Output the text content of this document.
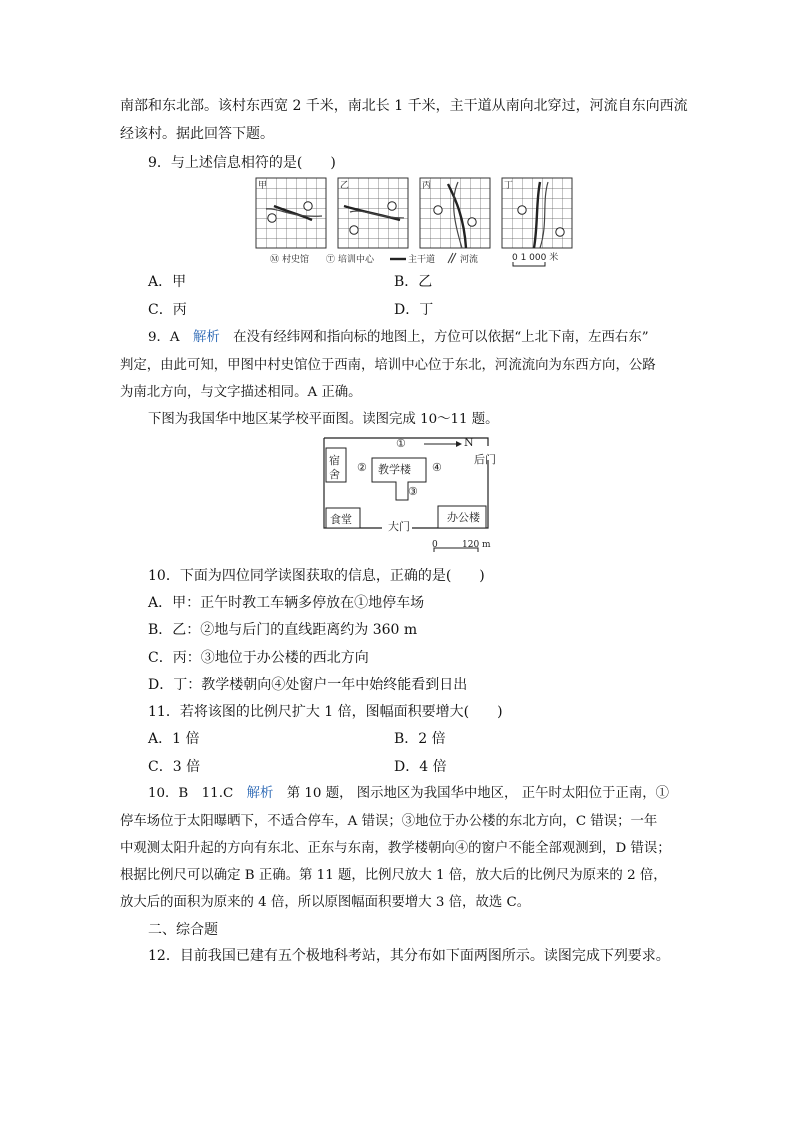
南部和东北部。该村东西宽 2 千米，南北长 1 千米，主干道从南向北穿过，河流自东向西流
经该村。据此回答下题。
9．与上述信息相符的是(　　)
甲	乙	丙	丁
Ⓜ 村史馆 Ⓣ 培训中心	主干道	河流	0 1 000 米
A．甲	B．乙
C．丙	D．丁
9．A　 解析　 在没有经纬网和指向标的地图上，方位可以依据“上北下南，左西右东”
判定，由此可知，甲图中村史馆位于西南，培训中心位于东北，河流流向为东西方向，公路
为南北方向，与文字描述相同。A 正确。
下图为我国华中地区某学校平面图。读图完成 10～11 题。
①	N
宿
舍
② 教学楼 ④
后门
③
食堂
大门
办公楼
0	120 m
10．下面为四位同学读图获取的信息，正确的是(　　)
A．甲：正午时教工车辆多停放在①地停车场
B．乙：②地与后门的直线距离约为 360 m
C．丙：③地位于办公楼的西北方向
D．丁：教学楼朝向④处窗户一年中始终能看到日出
11．若将该图的比例尺扩大 1 倍，图幅面积要增大(　　)
A．1 倍	B．2 倍
C．3 倍	D．4 倍
10．B　11.C　 解析　 第 10 题， 图示地区为我国华中地区， 正午时太阳位于正南，①
停车场位于太阳曝晒下，不适合停车，A 错误；③地位于办公楼的东北方向，C 错误；一年
中观测太阳升起的方向有东北、正东与东南，教学楼朝向④的窗户不能全部观测到，D 错误；
根据比例尺可以确定 B 正确。第 11 题，比例尺放大 1 倍，放大后的比例尺为原来的 2 倍，
放大后的面积为原来的 4 倍，所以原图幅面积要增大 3 倍，故选 C。
二、综合题
12．目前我国已建有五个极地科考站，其分布如下面两图所示。读图完成下列要求。
